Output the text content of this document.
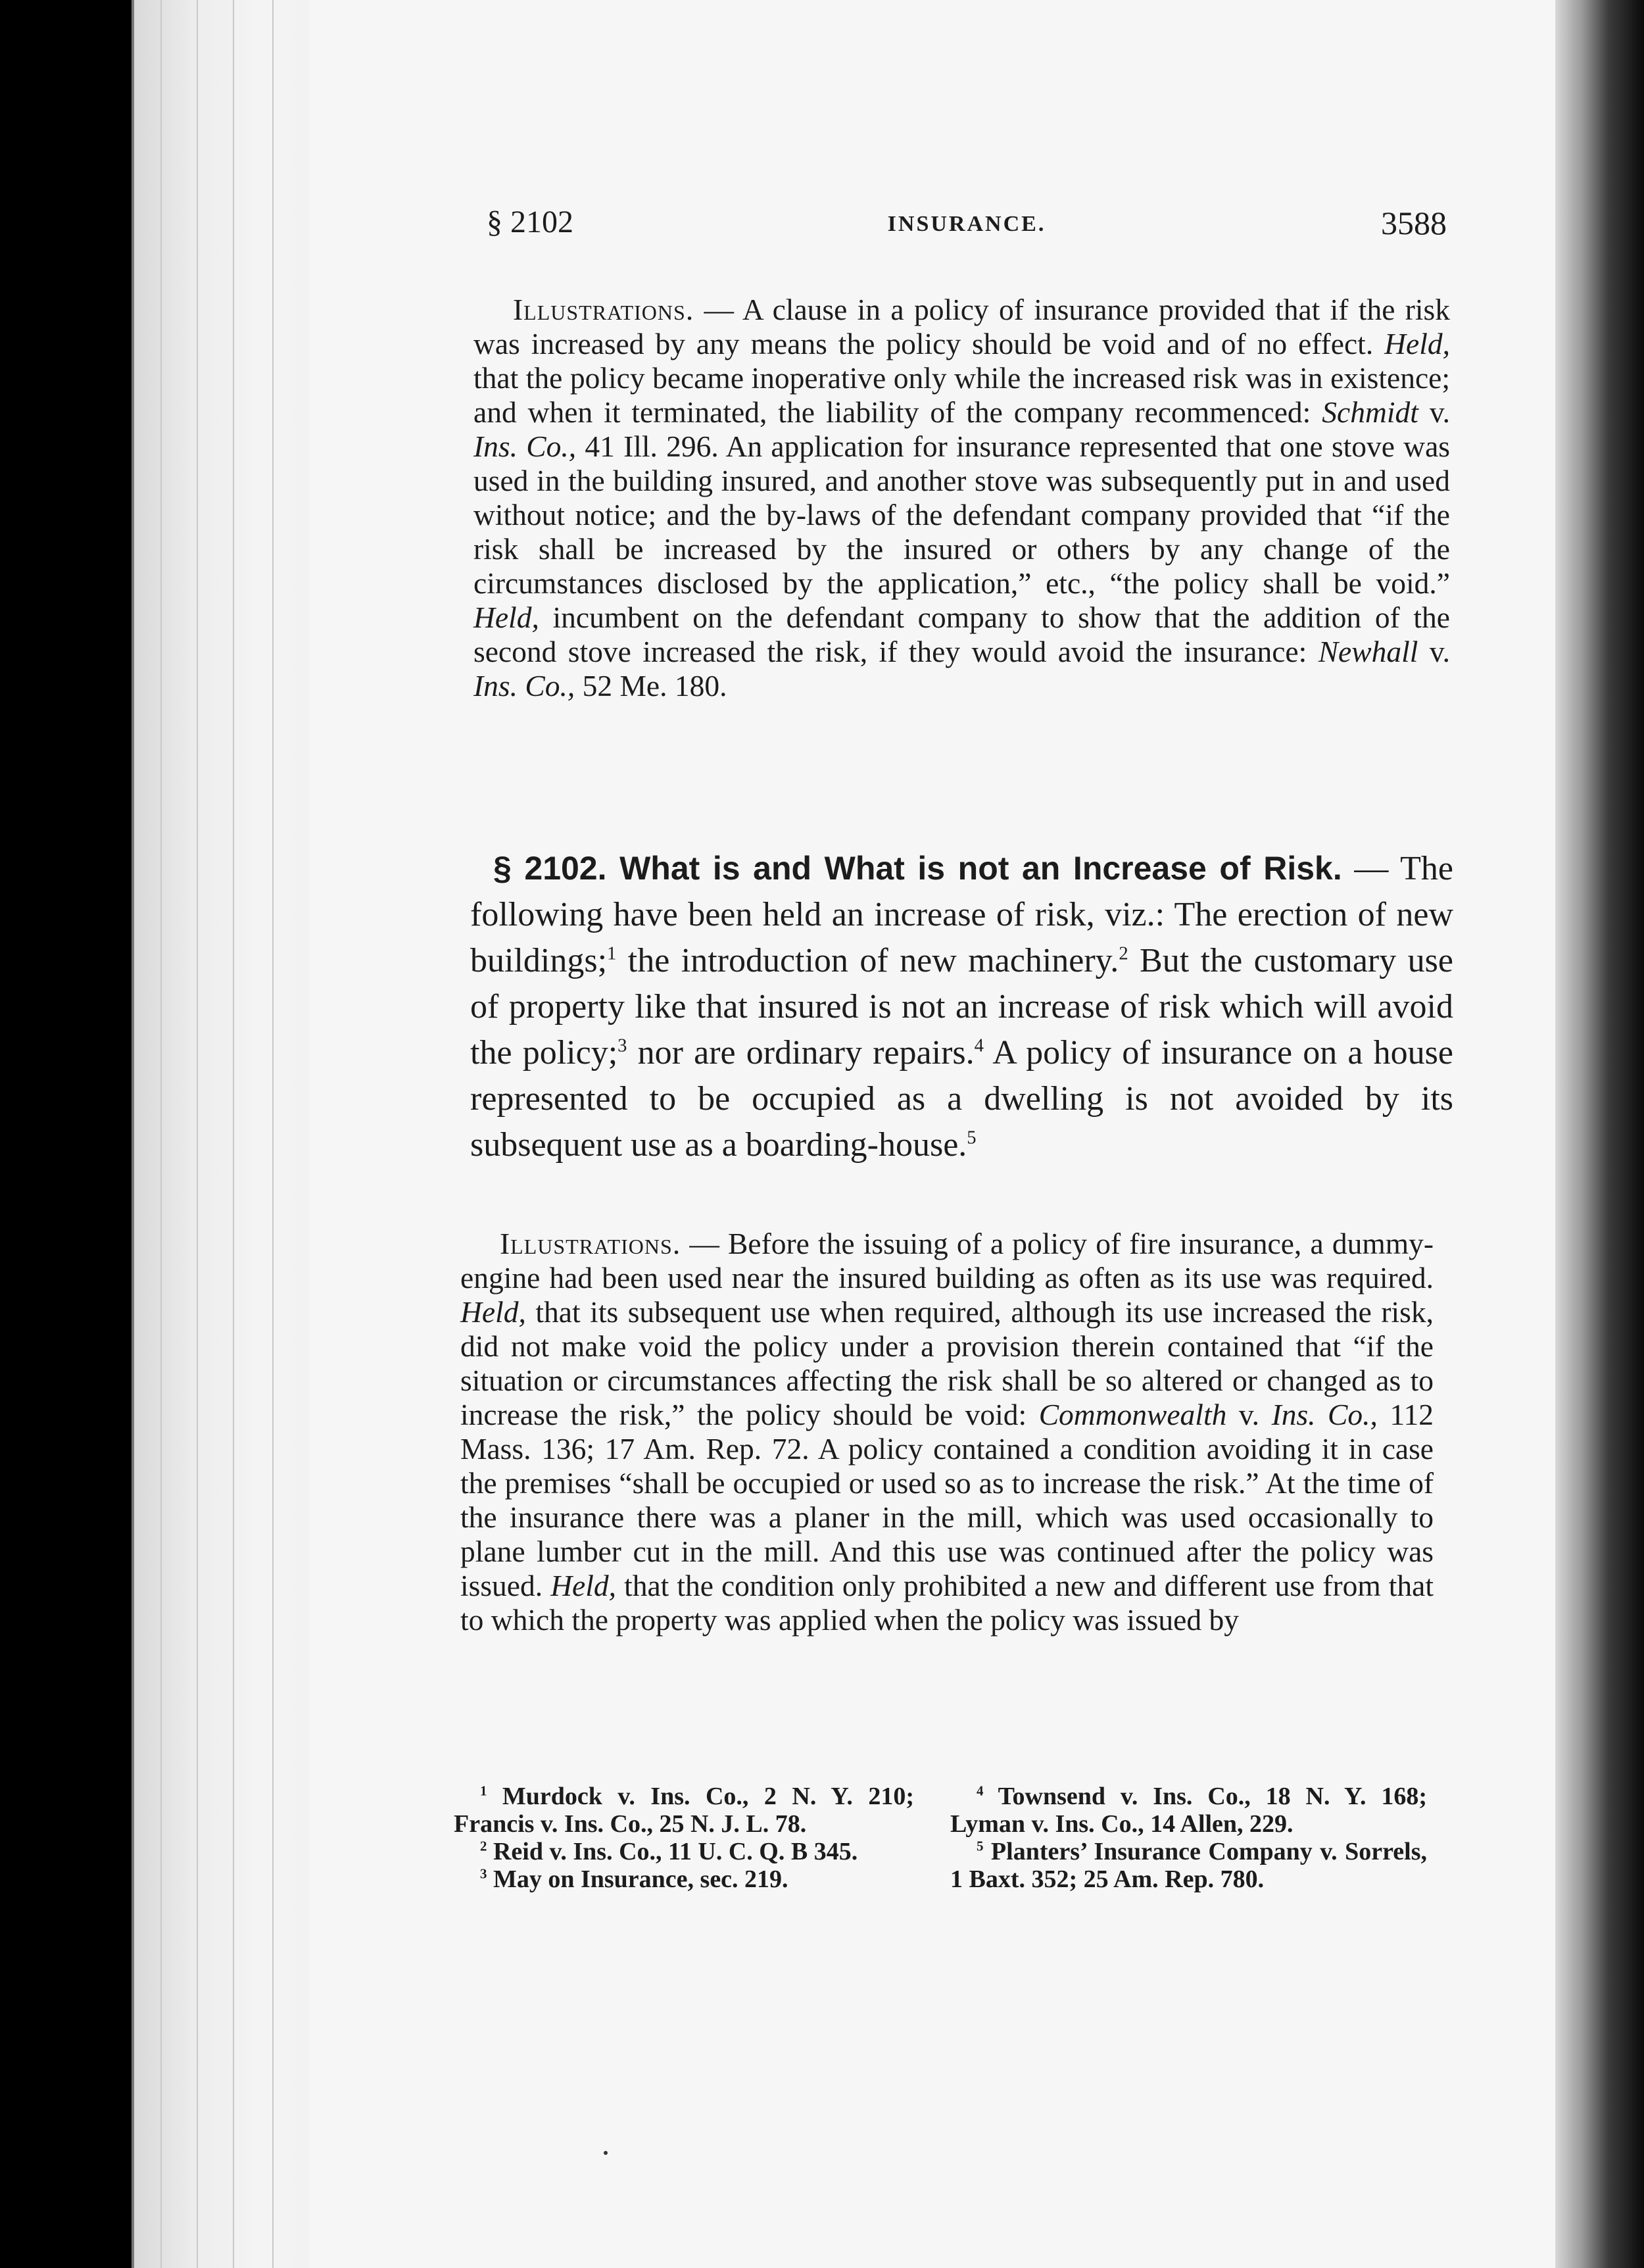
§ 2102	INSURANCE.	3588

Illustrations. — A clause in a policy of insurance provided that if the risk was increased by any means the policy should be void and of no effect. Held, that the policy became inoperative only while the increased risk was in existence; and when it terminated, the liability of the company recommenced: Schmidt v. Ins. Co., 41 Ill. 296. An application for insurance represented that one stove was used in the building insured, and another stove was subsequently put in and used without notice; and the by-laws of the defendant company provided that “if the risk shall be increased by the insured or others by any change of the circumstances disclosed by the application,” etc., “the policy shall be void.” Held, incumbent on the defendant company to show that the addition of the second stove increased the risk, if they would avoid the insurance: Newhall v. Ins. Co., 52 Me. 180.

§ 2102. What is and What is not an Increase of Risk. — The following have been held an increase of risk, viz.: The erection of new buildings;$^1$ the introduction of new machinery.$^2$ But the customary use of property like that insured is not an increase of risk which will avoid the policy;$^3$ nor are ordinary repairs.$^4$ A policy of insurance on a house represented to be occupied as a dwelling is not avoided by its subsequent use as a boarding-house.$^5$

Illustrations. — Before the issuing of a policy of fire insurance, a dummy-engine had been used near the insured building as often as its use was required. Held, that its subsequent use when required, although its use increased the risk, did not make void the policy under a provision therein contained that “if the situation or circumstances affecting the risk shall be so altered or changed as to increase the risk,” the policy should be void: Commonwealth v. Ins. Co., 112 Mass. 136; 17 Am. Rep. 72. A policy contained a condition avoiding it in case the premises “shall be occupied or used so as to increase the risk.” At the time of the insurance there was a planer in the mill, which was used occasionally to plane lumber cut in the mill. And this use was continued after the policy was issued. Held, that the condition only prohibited a new and different use from that to which the property was applied when the policy was issued by

$^1$ Murdock v. Ins. Co., 2 N. Y. 210; Francis v. Ins. Co., 25 N. J. L. 78.

$^2$ Reid v. Ins. Co., 11 U. C. Q. B 345.

$^3$ May on Insurance, sec. 219.

$^4$ Townsend v. Ins. Co., 18 N. Y. 168; Lyman v. Ins. Co., 14 Allen, 229.

$^5$ Planters’ Insurance Company v. Sorrels, 1 Baxt. 352; 25 Am. Rep. 780.
